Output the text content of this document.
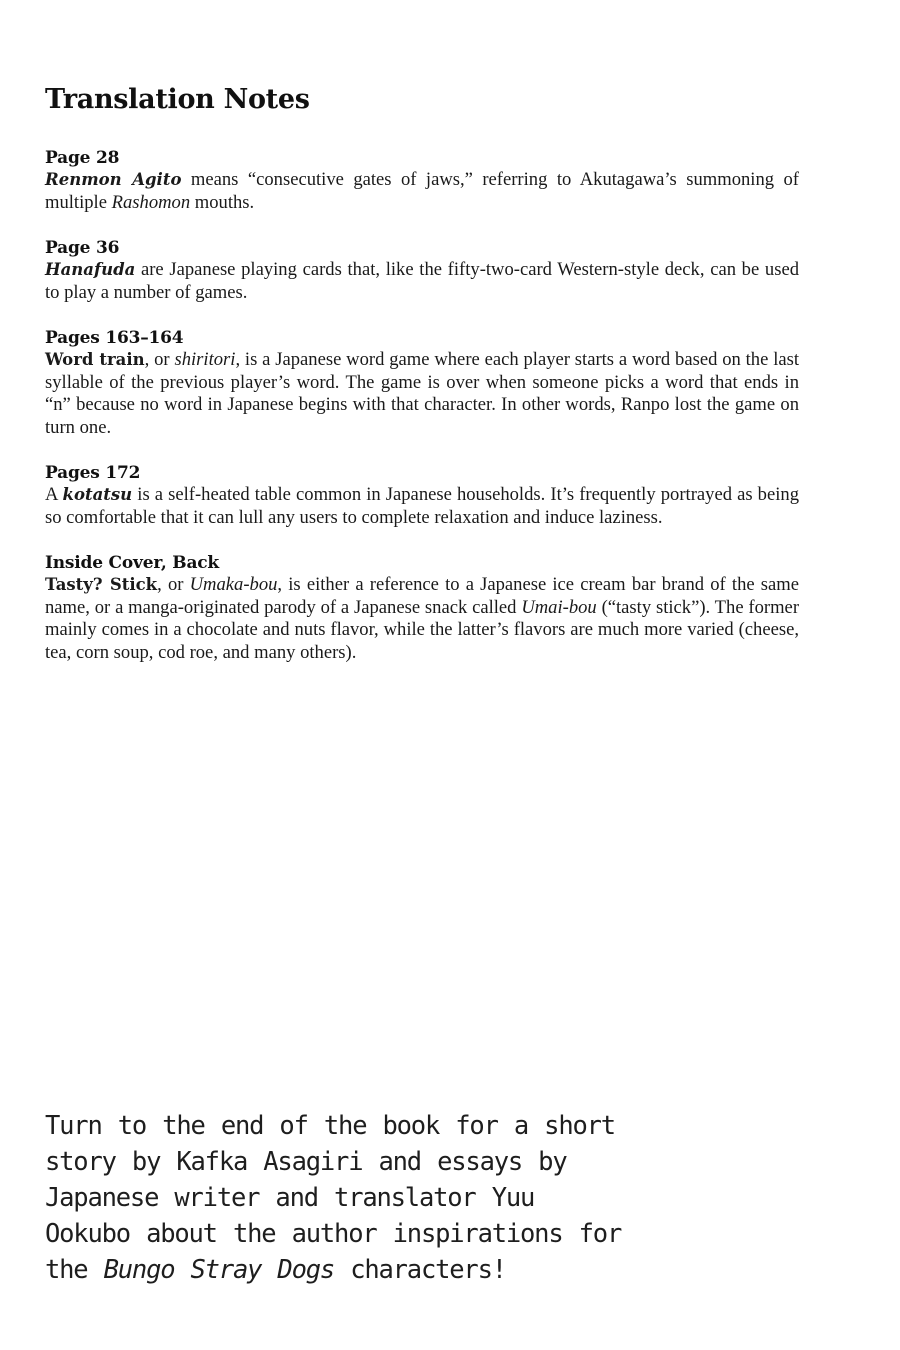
Translation Notes
Page 28
Renmon Agito means “consecutive gates of jaws,” referring to Akutagawa’s summoning of multiple Rashomon mouths.
Page 36
Hanafuda are Japanese playing cards that, like the fifty-two-card Western-style deck, can be used to play a number of games.
Pages 163–164
Word train, or shiritori, is a Japanese word game where each player starts a word based on the last syllable of the previous player’s word. The game is over when someone picks a word that ends in “n” because no word in Japanese begins with that character. In other words, Ranpo lost the game on turn one.
Pages 172
A kotatsu is a self-heated table common in Japanese households. It’s frequently portrayed as being so comfortable that it can lull any users to complete relaxation and induce laziness.
Inside Cover, Back
Tasty? Stick, or Umaka-bou, is either a reference to a Japanese ice cream bar brand of the same name, or a manga-originated parody of a Japanese snack called Umai-bou (“tasty stick”). The former mainly comes in a chocolate and nuts flavor, while the latter’s flavors are much more varied (cheese, tea, corn soup, cod roe, and many others).
Turn to the end of the book for a short story by Kafka Asagiri and essays by Japanese writer and translator Yuu Ookubo about the author inspirations for the Bungo Stray Dogs characters!
